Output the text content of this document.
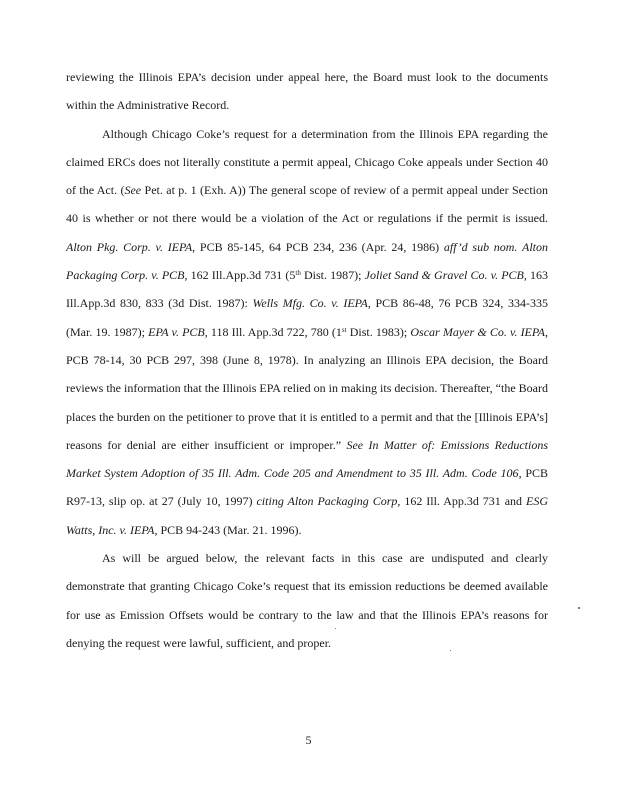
reviewing the Illinois EPA’s decision under appeal here, the Board must look to the documents within the Administrative Record.

Although Chicago Coke’s request for a determination from the Illinois EPA regarding the claimed ERCs does not literally constitute a permit appeal, Chicago Coke appeals under Section 40 of the Act. (See Pet. at p. 1 (Exh. A)) The general scope of review of a permit appeal under Section 40 is whether or not there would be a violation of the Act or regulations if the permit is issued. Alton Pkg. Corp. v. IEPA, PCB 85-145, 64 PCB 234, 236 (Apr. 24, 1986) aff’d sub nom. Alton Packaging Corp. v. PCB, 162 Ill.App.3d 731 (5th Dist. 1987); Joliet Sand & Gravel Co. v. PCB, 163 Ill.App.3d 830, 833 (3d Dist. 1987): Wells Mfg. Co. v. IEPA, PCB 86-48, 76 PCB 324, 334-335 (Mar. 19. 1987); EPA v. PCB, 118 Ill. App.3d 722, 780 (1st Dist. 1983); Oscar Mayer & Co. v. IEPA, PCB 78-14, 30 PCB 297, 398 (June 8, 1978). In analyzing an Illinois EPA decision, the Board reviews the information that the Illinois EPA relied on in making its decision. Thereafter, “the Board places the burden on the petitioner to prove that it is entitled to a permit and that the [Illinois EPA’s] reasons for denial are either insufficient or improper.” See In Matter of: Emissions Reductions Market System Adoption of 35 Ill. Adm. Code 205 and Amendment to 35 Ill. Adm. Code 106, PCB R97-13, slip op. at 27 (July 10, 1997) citing Alton Packaging Corp, 162 Ill. App.3d 731 and ESG Watts, Inc. v. IEPA, PCB 94-243 (Mar. 21. 1996).

As will be argued below, the relevant facts in this case are undisputed and clearly demonstrate that granting Chicago Coke’s request that its emission reductions be deemed available for use as Emission Offsets would be contrary to the law and that the Illinois EPA’s reasons for denying the request were lawful, sufficient, and proper.

5
